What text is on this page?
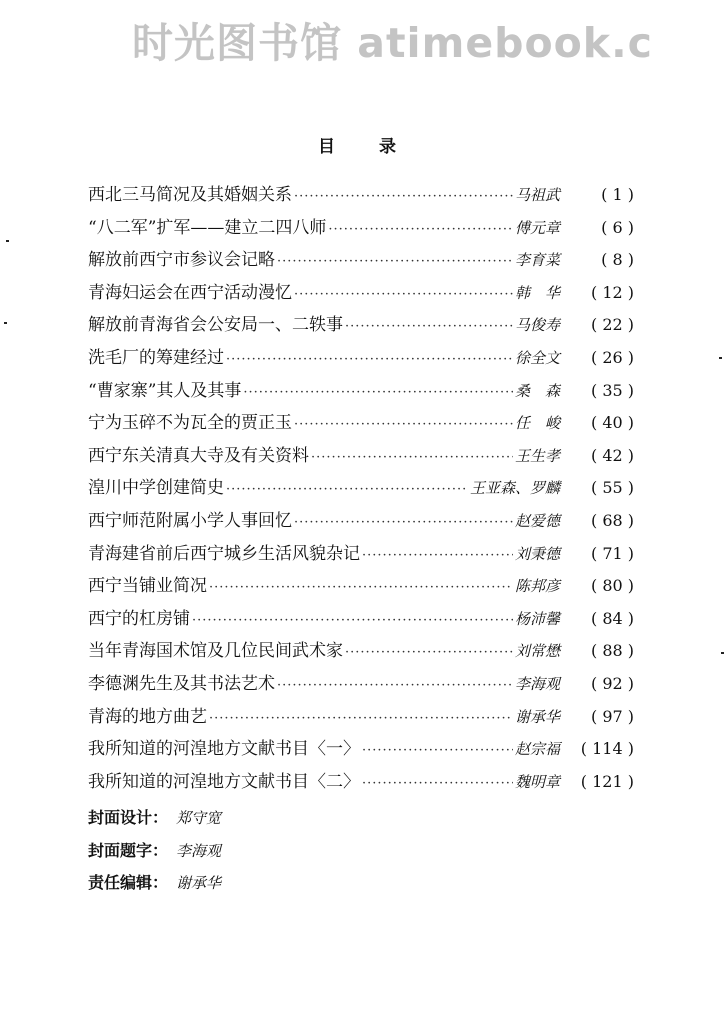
时光图书馆 atimebook.c
目录
西北三马简况及其婚姻关系 ·····	马祖武	( 1 )
“八二军”扩军——建立二四八师 ·····	傅元章	( 6 )
解放前西宁市参议会记略 ·····	李育菜	( 8 )
青海妇运会在西宁活动漫忆 ·····	韩　华	( 12 )
解放前青海省会公安局一、二轶事 ·····	马俊寿	( 22 )
洗毛厂的筹建经过 ·····	徐全文	( 26 )
“曹家寨”其人及其事 ·····	桑　森	( 35 )
宁为玉碎不为瓦全的贾正玉 ·····	任　峻	( 40 )
西宁东关清真大寺及有关资料 ·····	王生孝	( 42 )
湟川中学创建简史 ·····	王亚森、罗麟	( 55 )
西宁师范附属小学人事回忆 ·····	赵爱德	( 68 )
青海建省前后西宁城乡生活风貌杂记 ·····	刘秉德	( 71 )
西宁当铺业简况 ·····	陈邦彦	( 80 )
西宁的杠房铺 ·····	杨沛馨	( 84 )
当年青海国术馆及几位民间武术家 ·····	刘常懋	( 88 )
李德渊先生及其书法艺术 ·····	李海观	( 92 )
青海的地方曲艺 ·····	谢承华	( 97 )
我所知道的河湟地方文献书目〈一〉 ·····	赵宗福	( 114 )
我所知道的河湟地方文献书目〈二〉 ·····	魏明章	( 121 )
封面设计： 郑守宽
封面题字： 李海观
责任编辑： 谢承华
